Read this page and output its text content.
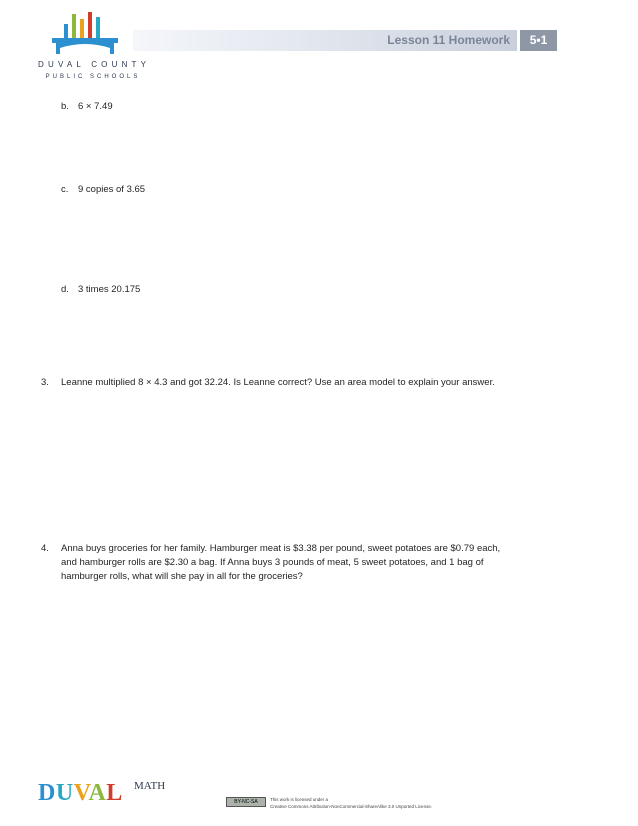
DUVAL COUNTY
PUBLIC SCHOOLS
Lesson 11 Homework	5•1
b. 6 × 7.49
c. 9 copies of 3.65
d. 3 times 20.175
3. Leanne multiplied 8 × 4.3 and got 32.24. Is Leanne correct? Use an area model to explain your answer.
4. Anna buys groceries for her family. Hamburger meat is $3.38 per pound, sweet potatoes are $0.79 each,
and hamburger rolls are $2.30 a bag. If Anna buys 3 pounds of meat, 5 sweet potatoes, and 1 bag of
hamburger rolls, what will she pay in all for the groceries?
DUVAL MATH
BY-NC-SA	This work is licensed under a
Creative Commons Attribution-NonCommercial-ShareAlike 3.0 Unported License.
